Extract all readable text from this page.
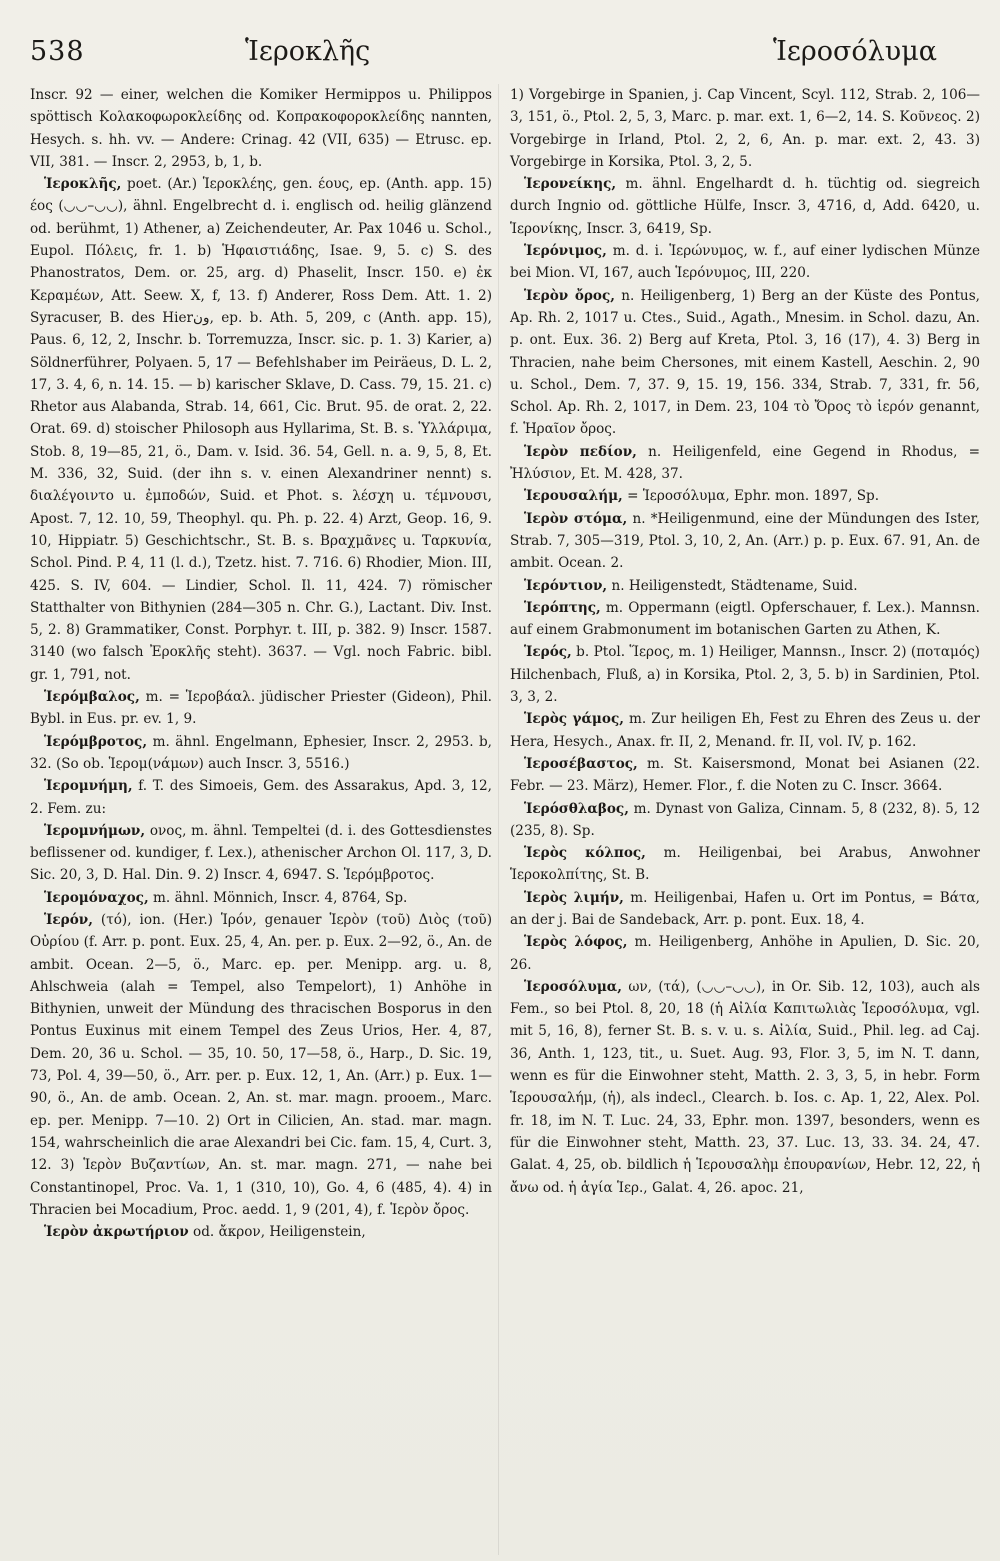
538	Ἱεροκλῆς	Ἱεροσόλυμα

Inscr. 92 — einer, welchen die Komiker Hermippos u. Philippos spöttisch Κολακοφωροκλείδης od. Κοπρακοφοροκλείδης nannten, Hesych. s. hh. vv. — Andere: Crinag. 42 (VII, 635) — Etrusc. ep. VII, 381. — Inscr. 2, 2953, b, 1, b.

Ἱεροκλῆς, poet. (Ar.) Ἱεροκλέης, gen. έους, ep. (Anth. app. 15) έος (◡◡–◡◡), ähnl. Engelbrecht d. i. englisch od. heilig glänzend od. berühmt, 1) Athener, a) Zeichendeuter, Ar. Pax 1046 u. Schol., Eupol. Πόλεις, fr. 1. b) Ἡφαιστιάδης, Isae. 9, 5. c) S. des Phanostratos, Dem. or. 25, arg. d) Phaselit, Inscr. 150. e) ἐκ Κεραμέων, Att. Seew. X, f, 13. f) Anderer, Ross Dem. Att. 1. 2) Syracuser, B. des Hierون, ep. b. Ath. 5, 209, c (Anth. app. 15), Paus. 6, 12, 2, Inschr. b. Torremuzza, Inscr. sic. p. 1. 3) Karier, a) Söldnerführer, Polyaen. 5, 17 — Befehlshaber im Peiräeus, D. L. 2, 17, 3. 4, 6, n. 14. 15. — b) karischer Sklave, D. Cass. 79, 15. 21. c) Rhetor aus Alabanda, Strab. 14, 661, Cic. Brut. 95. de orat. 2, 22. Orat. 69. d) stoischer Philosoph aus Hyllarima, St. B. s. Ὑλλάριμα, Stob. 8, 19—85, 21, ö., Dam. v. Isid. 36. 54, Gell. n. a. 9, 5, 8, Et. M. 336, 32, Suid. (der ihn s. v. einen Alexandriner nennt) s. διαλέγοιντο u. ἐμποδών, Suid. et Phot. s. λέσχη u. τέμνουσι, Apost. 7, 12. 10, 59, Theophyl. qu. Ph. p. 22. 4) Arzt, Geop. 16, 9. 10, Hippiatr. 5) Geschichtschr., St. B. s. Βραχμᾶνες u. Ταρκυνία, Schol. Pind. P. 4, 11 (l. d.), Tzetz. hist. 7. 716. 6) Rhodier, Mion. III, 425. S. IV, 604. — Lindier, Schol. Il. 11, 424. 7) römischer Statthalter von Bithynien (284—305 n. Chr. G.), Lactant. Div. Inst. 5, 2. 8) Grammatiker, Const. Porphyr. t. III, p. 382. 9) Inscr. 1587. 3140 (wo falsch Ἐροκλῆς steht). 3637. — Vgl. noch Fabric. bibl. gr. 1, 791, not.

Ἱερόμβαλος, m. = Ἱεροβάαλ. jüdischer Priester (Gideon), Phil. Bybl. in Eus. pr. ev. 1, 9.

Ἱερόμβροτος, m. ähnl. Engelmann, Ephesier, Inscr. 2, 2953. b, 32. (So ob. Ἱερομ(νάμων) auch Inscr. 3, 5516.)

Ἱερομνήμη, f. T. des Simoeis, Gem. des Assarakus, Apd. 3, 12, 2. Fem. zu:

Ἱερομνήμων, ονος, m. ähnl. Tempeltei (d. i. des Gottesdienstes beflissener od. kundiger, f. Lex.), athenischer Archon Ol. 117, 3, D. Sic. 20, 3, D. Hal. Din. 9. 2) Inscr. 4, 6947. S. Ἱερόμβροτος.

Ἱερομόναχος, m. ähnl. Mönnich, Inscr. 4, 8764, Sp.

Ἱερόν, (τό), ion. (Her.) Ἱρόν, genauer Ἱερὸν (τοῦ) Διὸς (τοῦ) Οὐρίου (f. Arr. p. pont. Eux. 25, 4, An. per. p. Eux. 2—92, ö., An. de ambit. Ocean. 2—5, ö., Marc. ep. per. Menipp. arg. u. 8, Ahlschweia (alah = Tempel, also Tempelort), 1) Anhöhe in Bithynien, unweit der Mündung des thracischen Bosporus in den Pontus Euxinus mit einem Tempel des Zeus Urios, Her. 4, 87, Dem. 20, 36 u. Schol. — 35, 10. 50, 17—58, ö., Harp., D. Sic. 19, 73, Pol. 4, 39—50, ö., Arr. per. p. Eux. 12, 1, An. (Arr.) p. Eux. 1—90, ö., An. de amb. Ocean. 2, An. st. mar. magn. prooem., Marc. ep. per. Menipp. 7—10. 2) Ort in Cilicien, An. stad. mar. magn. 154, wahrscheinlich die arae Alexandri bei Cic. fam. 15, 4, Curt. 3, 12. 3) Ἱερὸν Βυζαντίων, An. st. mar. magn. 271, — nahe bei Constantinopel, Proc. Va. 1, 1 (310, 10), Go. 4, 6 (485, 4). 4) in Thracien bei Mocadium, Proc. aedd. 1, 9 (201, 4), f. Ἱερὸν ὄρος.

Ἱερὸν ἀκρωτήριον od. ἄκρον, Heiligenstein,

1) Vorgebirge in Spanien, j. Cap Vincent, Scyl. 112, Strab. 2, 106—3, 151, ö., Ptol. 2, 5, 3, Marc. p. mar. ext. 1, 6—2, 14. S. Κοῦνεος. 2) Vorgebirge in Irland, Ptol. 2, 2, 6, An. p. mar. ext. 2, 43. 3) Vorgebirge in Korsika, Ptol. 3, 2, 5.

Ἱερονείκης, m. ähnl. Engelhardt d. h. tüchtig od. siegreich durch Ingnio od. göttliche Hülfe, Inscr. 3, 4716, d, Add. 6420, u. Ἱερονίκης, Inscr. 3, 6419, Sp.

Ἱερόνιμος, m. d. i. Ἱερώνυμος, w. f., auf einer lydischen Münze bei Mion. VI, 167, auch Ἱερόνυμος, III, 220.

Ἱερὸν ὄρος, n. Heiligenberg, 1) Berg an der Küste des Pontus, Ap. Rh. 2, 1017 u. Ctes., Suid., Agath., Mnesim. in Schol. dazu, An. p. ont. Eux. 36. 2) Berg auf Kreta, Ptol. 3, 16 (17), 4. 3) Berg in Thracien, nahe beim Chersones, mit einem Kastell, Aeschin. 2, 90 u. Schol., Dem. 7, 37. 9, 15. 19, 156. 334, Strab. 7, 331, fr. 56, Schol. Ap. Rh. 2, 1017, in Dem. 23, 104 τὸ Ὄρος τὸ ἱερόν genannt, f. Ἡραῖον ὄρος.

Ἱερὸν πεδίον, n. Heiligenfeld, eine Gegend in Rhodus, = Ἠλύσιον, Et. M. 428, 37.

Ἱερουσαλήμ, = Ἱεροσόλυμα, Ephr. mon. 1897, Sp.

Ἱερὸν στόμα, n. *Heiligenmund, eine der Mündungen des Ister, Strab. 7, 305—319, Ptol. 3, 10, 2, An. (Arr.) p. p. Eux. 67. 91, An. de ambit. Ocean. 2.

Ἱερόντιον, n. Heiligenstedt, Städtename, Suid.

Ἱερόπτης, m. Oppermann (eigtl. Opferschauer, f. Lex.). Mannsn. auf einem Grabmonument im botanischen Garten zu Athen, K.

Ἱερός, b. Ptol. Ἵερος, m. 1) Heiliger, Mannsn., Inscr. 2) (ποταμός) Hilchenbach, Fluß, a) in Korsika, Ptol. 2, 3, 5. b) in Sardinien, Ptol. 3, 3, 2.

Ἱερὸς γάμος, m. Zur heiligen Eh, Fest zu Ehren des Zeus u. der Hera, Hesych., Anax. fr. II, 2, Menand. fr. II, vol. IV, p. 162.

Ἱεροσέβαστος, m. St. Kaisersmond, Monat bei Asianen (22. Febr. — 23. März), Hemer. Flor., f. die Noten zu C. Inscr. 3664.

Ἱερόσθλαβος, m. Dynast von Galiza, Cinnam. 5, 8 (232, 8). 5, 12 (235, 8). Sp.

Ἱερὸς κόλπος, m. Heiligenbai, bei Arabus, Anwohner Ἱεροκολπίτης, St. B.

Ἱερὸς λιμήν, m. Heiligenbai, Hafen u. Ort im Pontus, = Βάτα, an der j. Bai de Sandeback, Arr. p. pont. Eux. 18, 4.

Ἱερὸς λόφος, m. Heiligenberg, Anhöhe in Apulien, D. Sic. 20, 26.

Ἱεροσόλυμα, ων, (τά), (◡◡–◡◡), in Or. Sib. 12, 103), auch als Fem., so bei Ptol. 8, 20, 18 (ἡ Αἰλία Καπιτωλιὰς Ἱεροσόλυμα, vgl. mit 5, 16, 8), ferner St. B. s. v. u. s. Αἰλία, Suid., Phil. leg. ad Caj. 36, Anth. 1, 123, tit., u. Suet. Aug. 93, Flor. 3, 5, im N. T. dann, wenn es für die Einwohner steht, Matth. 2. 3, 3, 5, in hebr. Form Ἱερουσαλήμ, (ἡ), als indecl., Clearch. b. Ios. c. Ap. 1, 22, Alex. Pol. fr. 18, im N. T. Luc. 24, 33, Ephr. mon. 1397, besonders, wenn es für die Einwohner steht, Matth. 23, 37. Luc. 13, 33. 34. 24, 47. Galat. 4, 25, ob. bildlich ἡ Ἱερουσαλὴμ ἐπουρανίων, Hebr. 12, 22, ἡ ἄνω od. ἡ ἁγία Ἱερ., Galat. 4, 26. apoc. 21,
